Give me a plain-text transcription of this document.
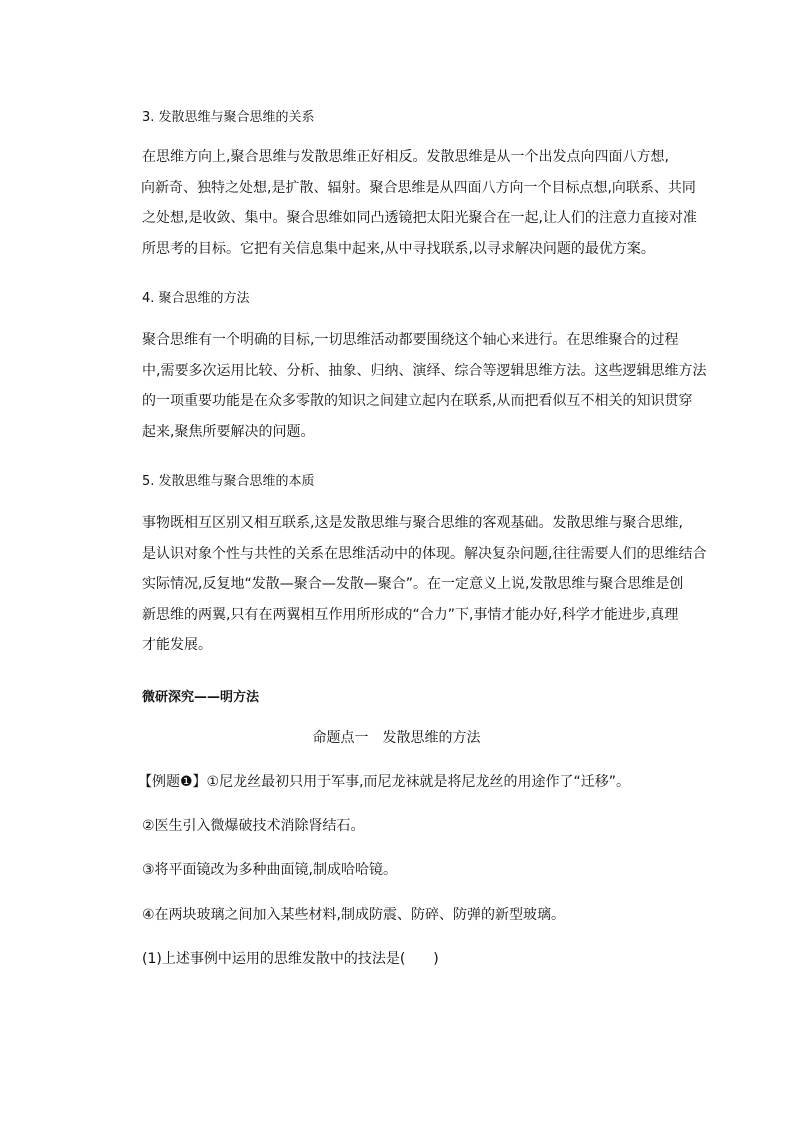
3. 发散思维与聚合思维的关系
在思维方向上,聚合思维与发散思维正好相反。发散思维是从一个出发点向四面八方想,
向新奇、独特之处想,是扩散、辐射。聚合思维是从四面八方向一个目标点想,向联系、共同
之处想,是收敛、集中。聚合思维如同凸透镜把太阳光聚合在一起,让人们的注意力直接对准
所思考的目标。它把有关信息集中起来,从中寻找联系,以寻求解决问题的最优方案。
4. 聚合思维的方法
聚合思维有一个明确的目标,一切思维活动都要围绕这个轴心来进行。在思维聚合的过程
中,需要多次运用比较、分析、抽象、归纳、演绎、综合等逻辑思维方法。这些逻辑思维方法
的一项重要功能是在众多零散的知识之间建立起内在联系,从而把看似互不相关的知识贯穿
起来,聚焦所要解决的问题。
5. 发散思维与聚合思维的本质
事物既相互区别又相互联系,这是发散思维与聚合思维的客观基础。发散思维与聚合思维,
是认识对象个性与共性的关系在思维活动中的体现。解决复杂问题,往往需要人们的思维结合
实际情况,反复地“发散—聚合—发散—聚合”。在一定意义上说,发散思维与聚合思维是创
新思维的两翼,只有在两翼相互作用所形成的“合力”下,事情才能办好,科学才能进步,真理
才能发展。
微研深究——明方法
命题点一　发散思维的方法
【例题❶】①尼龙丝最初只用于军事,而尼龙袜就是将尼龙丝的用途作了“迁移”。
②医生引入微爆破技术消除肾结石。
③将平面镜改为多种曲面镜,制成哈哈镜。
④在两块玻璃之间加入某些材料,制成防震、防碎、防弹的新型玻璃。
(1)上述事例中运用的思维发散中的技法是(　　)
